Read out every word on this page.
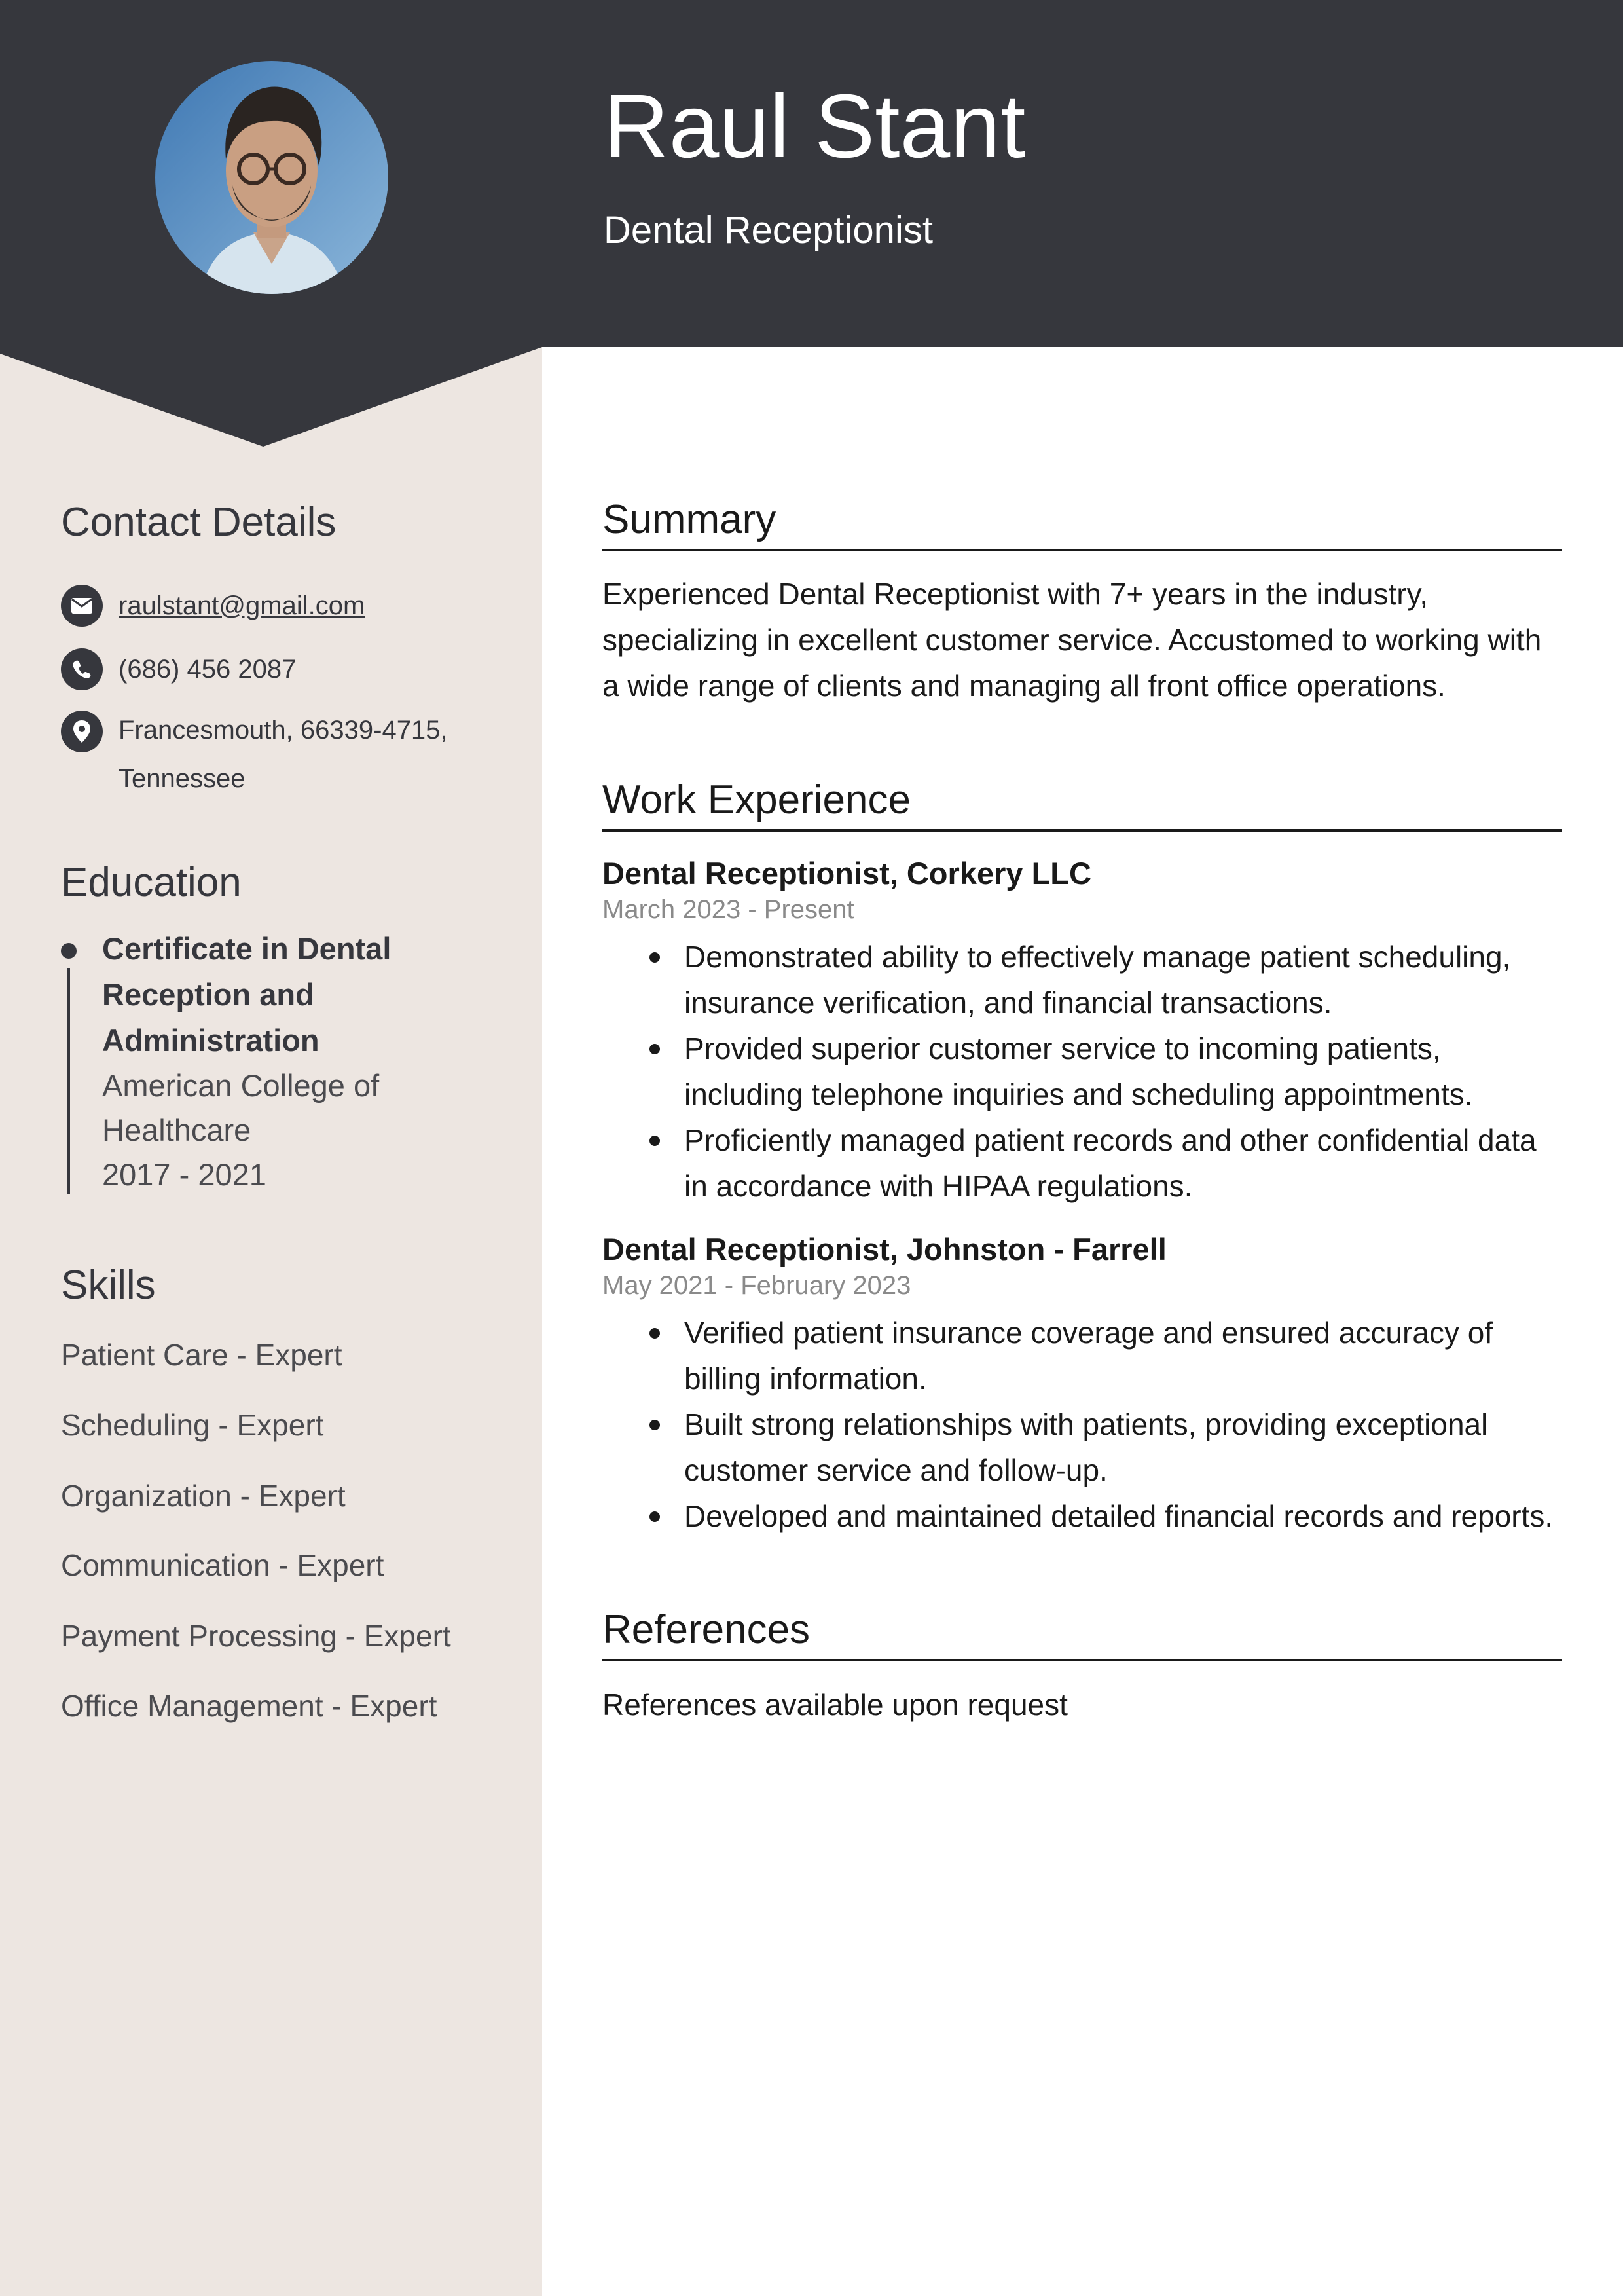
Raul Stant
Dental Receptionist
Contact Details

raulstant@gmail.com

(686) 456 2087

Francesmouth, 66339-4715,

Tennessee

Education

Certificate in Dental

Reception and

Administration

American College of

Healthcare

2017 - 2021

Skills

Patient Care - Expert

Scheduling - Expert

Organization - Expert

Communication - Expert

Payment Processing - Expert

Office Management - Expert

Summary

Experienced Dental Receptionist with 7+ years in the industry,

specializing in excellent customer service. Accustomed to working with

a wide range of clients and managing all front office operations.

Work Experience

Dental Receptionist, Corkery LLC

March 2023 - Present

Demonstrated ability to effectively manage patient scheduling,
insurance verification, and financial transactions.
Provided superior customer service to incoming patients,
including telephone inquiries and scheduling appointments.
Proficiently managed patient records and other confidential data
in accordance with HIPAA regulations.

Dental Receptionist, Johnston - Farrell

May 2021 - February 2023

Verified patient insurance coverage and ensured accuracy of
billing information.
Built strong relationships with patients, providing exceptional
customer service and follow-up.
Developed and maintained detailed financial records and reports.
References

References available upon request
